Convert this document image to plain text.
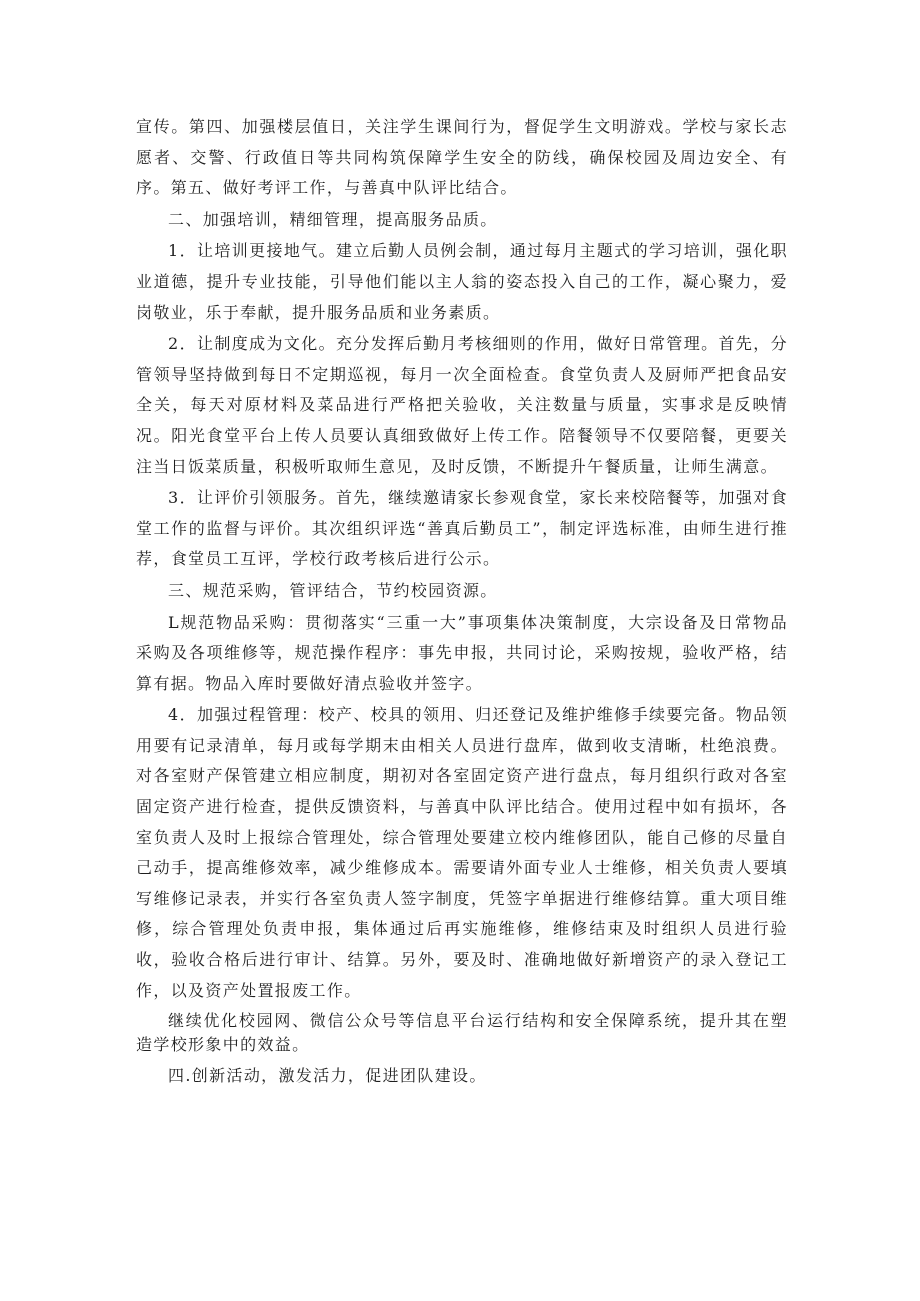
宣传。第四、加强楼层值日，关注学生课间行为，督促学生文明游戏。学校与家长志愿者、交警、行政值日等共同构筑保障学生安全的防线，确保校园及周边安全、有序。第五、做好考评工作，与善真中队评比结合。

二、加强培训，精细管理，提高服务品质。

1．让培训更接地气。建立后勤人员例会制，通过每月主题式的学习培训，强化职业道德，提升专业技能，引导他们能以主人翁的姿态投入自己的工作，凝心聚力，爱岗敬业，乐于奉献，提升服务品质和业务素质。

2．让制度成为文化。充分发挥后勤月考核细则的作用，做好日常管理。首先，分管领导坚持做到每日不定期巡视，每月一次全面检查。食堂负责人及厨师严把食品安全关，每天对原材料及菜品进行严格把关验收，关注数量与质量，实事求是反映情况。阳光食堂平台上传人员要认真细致做好上传工作。陪餐领导不仅要陪餐，更要关注当日饭菜质量，积极听取师生意见，及时反馈，不断提升午餐质量，让师生满意。

3．让评价引领服务。首先，继续邀请家长参观食堂，家长来校陪餐等，加强对食堂工作的监督与评价。其次组织评选“善真后勤员工”，制定评选标准，由师生进行推荐，食堂员工互评，学校行政考核后进行公示。

三、规范采购，管评结合，节约校园资源。

L规范物品采购：贯彻落实“三重一大”事项集体决策制度，大宗设备及日常物品采购及各项维修等，规范操作程序：事先申报，共同讨论，采购按规，验收严格，结算有据。物品入库时要做好清点验收并签字。

4．加强过程管理：校产、校具的领用、归还登记及维护维修手续要完备。物品领用要有记录清单，每月或每学期末由相关人员进行盘库，做到收支清晰，杜绝浪费。对各室财产保管建立相应制度，期初对各室固定资产进行盘点，每月组织行政对各室固定资产进行检查，提供反馈资料，与善真中队评比结合。使用过程中如有损坏，各室负责人及时上报综合管理处，综合管理处要建立校内维修团队，能自己修的尽量自己动手，提高维修效率，减少维修成本。需要请外面专业人士维修，相关负责人要填写维修记录表，并实行各室负责人签字制度，凭签字单据进行维修结算。重大项目维修，综合管理处负责申报，集体通过后再实施维修，维修结束及时组织人员进行验收，验收合格后进行审计、结算。另外，要及时、准确地做好新增资产的录入登记工作，以及资产处置报废工作。

继续优化校园网、微信公众号等信息平台运行结构和安全保障系统，提升其在塑造学校形象中的效益。

四.创新活动，激发活力，促进团队建设。
